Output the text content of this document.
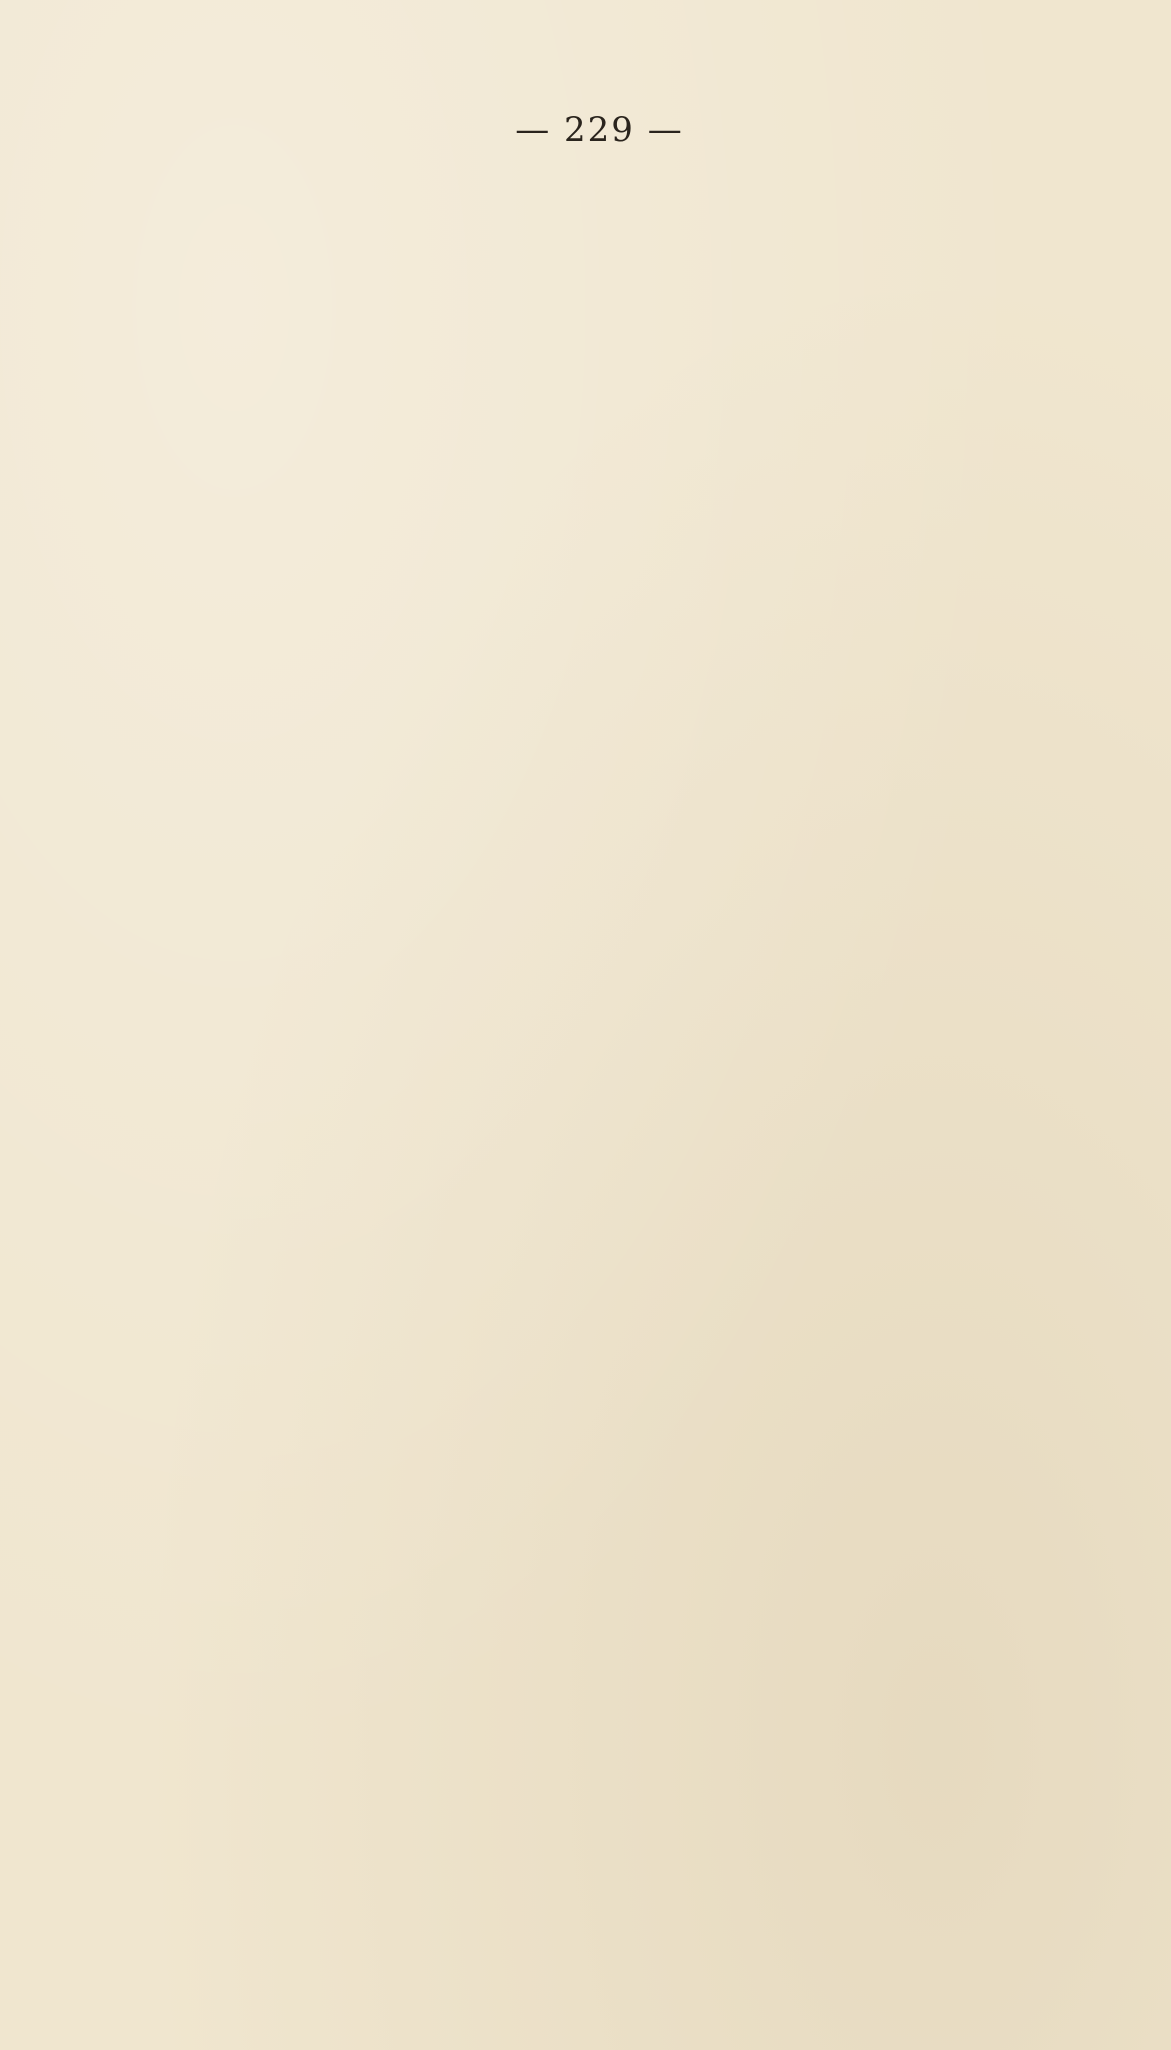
— 229 —
